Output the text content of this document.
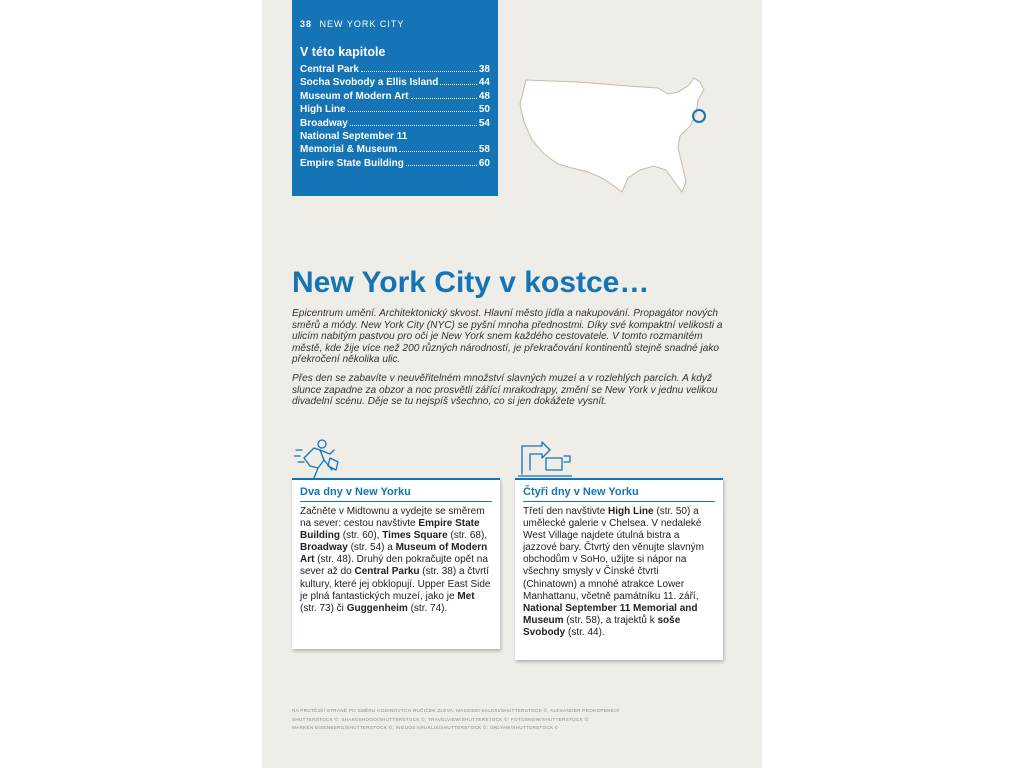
38 NEW YORK CITY
V této kapitole
Central Park	38
Socha Svobody a Ellis Island	44
Museum of Modern Art	48
High Line	50
Broadway	54
National September 11
Memorial & Museum	58
Empire State Building	60
New York City v kostce…

Epicentrum umění. Architektonický skvost. Hlavní město jídla a nakupování. Propagátor nových směrů a módy. New York City (NYC) se pyšní mnoha přednostmi. Díky své kompaktní velikosti a ulicím nabitým pastvou pro oči je New York snem každého cestovatele. V tomto rozmanitém městě, kde žije více než 200 různých národností, je překračování kontinentů stejně snadné jako překročení několika ulic.

Přes den se zabavíte v neuvěřitelném množství slavných muzeí a v rozlehlých parcích. A když slunce zapadne za obzor a noc prosvětlí zářící mrakodrapy, změní se New York v jednu velikou divadelní scénu. Děje se tu nejspíš všechno, co si jen dokážete vysnít.

Dva dny v New Yorku
Začněte v Midtownu a vydejte se směrem na sever: cestou navštivte Empire State Building (str. 60), Times Square (str. 68), Broadway (str. 54) a Museum of Modern Art (str. 48). Druhý den pokračujte opět na sever až do Central Parku (str. 38) a čtvrtí kultury, které jej obklopují. Upper East Side je plná fantastických muzeí, jako je Met (str. 73) či Guggenheim (str. 74).
Čtyři dny v New Yorku
Třetí den navštivte High Line (str. 50) a umělecké galerie v Chelsea. V nedaleké West Village najdete útulná bistra a jazzové bary. Čtvrtý den věnujte slavným obchodům v SoHo, užijte si nápor na všechny smysly v Čínské čtvrti (Chinatown) a mnohé atrakce Lower Manhattanu, včetně památníku 11. září, National September 11 Memorial and Museum (str. 58), a trajektů k soše Svobody (str. 44).
NA PROTĚJŠÍ STRANĚ PO SMĚRU HODINOVÝCH RUČIČEK ZLEVA: MASSIMO SALESI/SHUTTERSTOCK ©; ALEXANDER PROKOPENKO/
SHUTTERSTOCK ©; SHAKESHOOO/SHUTTERSTOCK ©; TRAVELVIEW/SHUTTERSTOCK ©; FOTOSNOW/SHUTTERSTOCK ©;
MARKEN EISENBERG/SHUTTERSTOCK ©; INGUOS KRUKLIS/SHUTTERSTOCK ©; ORLYAW/SHUTTERSTOCK ©
